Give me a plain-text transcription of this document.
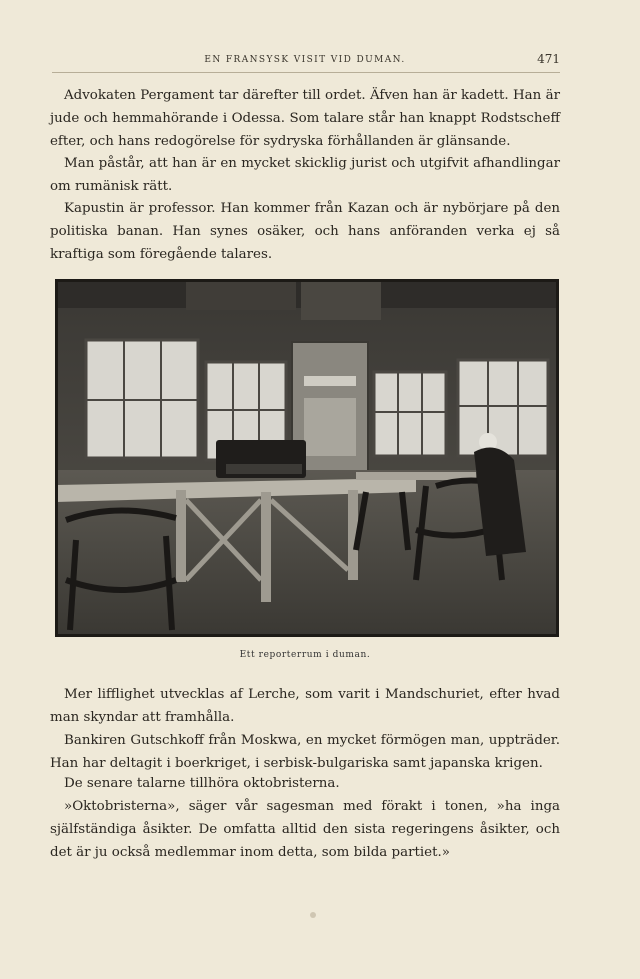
EN FRANSYSK VISIT VID DUMAN.	471

Advokaten Pergament tar därefter till ordet. Äfven han är kadett. Han är jude och hemmahörande i Odessa. Som talare står han knappt Rodstscheff efter, och hans redogörelse för sydryska förhållanden är glänsande.

Man påstår, att han är en mycket skicklig jurist och utgifvit afhandlingar om rumänisk rätt.

Kapustin är professor. Han kommer från Kazan och är nybörjare på den politiska banan. Han synes osäker, och hans anföranden verka ej så kraftiga som föregående talares.

Ett reporterrum i duman.

Mer lifflighet utvecklas af Lerche, som varit i Mandschuriet, efter hvad man skyndar att framhålla.

Bankiren Gutschkoff från Moskwa, en mycket förmögen man, uppträder. Han har deltagit i boerkriget, i serbisk-bulgariska samt japanska krigen.

De senare talarne tillhöra oktobristerna.

»Oktobristerna», säger vår sagesman med förakt i tonen, »ha inga själfständiga åsikter. De omfatta alltid den sista regeringens åsikter, och det är ju också medlemmar inom detta, som bilda partiet.»
